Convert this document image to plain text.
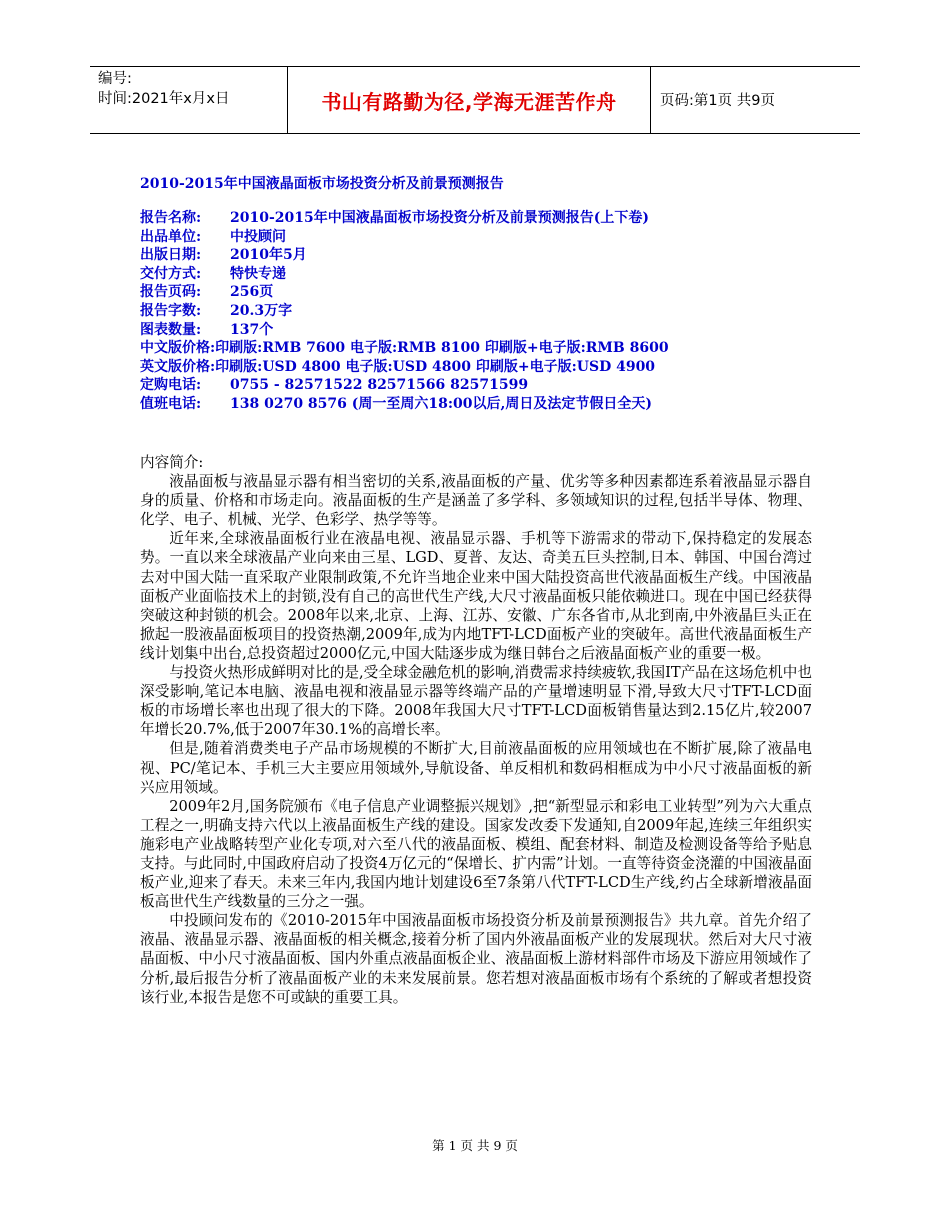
编号:
时间:2021年x月x日	书山有路勤为径,学海无涯苦作舟	页码:第1页 共9页
2010-2015年中国液晶面板市场投资分析及前景预测报告
报告名称:	2010-2015年中国液晶面板市场投资分析及前景预测报告(上下卷)
出品单位:	中投顾问
出版日期:	2010年5月
交付方式:	特快专递
报告页码:	256页
报告字数:	20.3万字
图表数量:	137个
中文版价格: 印刷版:RMB 7600 电子版:RMB 8100 印刷版+电子版:RMB 8600
英文版价格: 印刷版:USD 4800 电子版:USD 4800 印刷版+电子版:USD 4900
定购电话:	0755 - 82571522 82571566 82571599
值班电话:	138 0270 8576 (周一至周六18:00以后,周日及法定节假日全天)

内容简介:

液晶面板与液晶显示器有相当密切的关系,液晶面板的产量、优劣等多种因素都连系着液晶显示器自身的质量、价格和市场走向。液晶面板的生产是涵盖了多学科、多领域知识的过程,包括半导体、物理、化学、电子、机械、光学、色彩学、热学等等。

近年来,全球液晶面板行业在液晶电视、液晶显示器、手机等下游需求的带动下,保持稳定的发展态势。一直以来全球液晶产业向来由三星、LGD、夏普、友达、奇美五巨头控制,日本、韩国、中国台湾过去对中国大陆一直采取产业限制政策,不允许当地企业来中国大陆投资高世代液晶面板生产线。中国液晶面板产业面临技术上的封锁,没有自己的高世代生产线,大尺寸液晶面板只能依赖进口。现在中国已经获得突破这种封锁的机会。2008年以来,北京、上海、江苏、安徽、广东各省市,从北到南,中外液晶巨头正在掀起一股液晶面板项目的投资热潮,2009年,成为内地TFT-LCD面板产业的突破年。高世代液晶面板生产线计划集中出台,总投资超过2000亿元,中国大陆逐步成为继日韩台之后液晶面板产业的重要一极。

与投资火热形成鲜明对比的是,受全球金融危机的影响,消费需求持续疲软,我国IT产品在这场危机中也深受影响,笔记本电脑、液晶电视和液晶显示器等终端产品的产量增速明显下滑,导致大尺寸TFT-LCD面板的市场增长率也出现了很大的下降。2008年我国大尺寸TFT-LCD面板销售量达到2.15亿片,较2007年增长20.7%,低于2007年30.1%的高增长率。

但是,随着消费类电子产品市场规模的不断扩大,目前液晶面板的应用领域也在不断扩展,除了液晶电视、PC/笔记本、手机三大主要应用领域外,导航设备、单反相机和数码相框成为中小尺寸液晶面板的新兴应用领域。

2009年2月,国务院颁布《电子信息产业调整振兴规划》,把“新型显示和彩电工业转型”列为六大重点工程之一,明确支持六代以上液晶面板生产线的建设。国家发改委下发通知,自2009年起,连续三年组织实施彩电产业战略转型产业化专项,对六至八代的液晶面板、模组、配套材料、制造及检测设备等给予贴息支持。与此同时,中国政府启动了投资4万亿元的“保增长、扩内需”计划。一直等待资金浇灌的中国液晶面板产业,迎来了春天。未来三年内,我国内地计划建设6至7条第八代TFT-LCD生产线,约占全球新增液晶面板高世代生产线数量的三分之一强。

中投顾问发布的《2010-2015年中国液晶面板市场投资分析及前景预测报告》共九章。首先介绍了液晶、液晶显示器、液晶面板的相关概念,接着分析了国内外液晶面板产业的发展现状。然后对大尺寸液晶面板、中小尺寸液晶面板、国内外重点液晶面板企业、液晶面板上游材料部件市场及下游应用领域作了分析,最后报告分析了液晶面板产业的未来发展前景。您若想对液晶面板市场有个系统的了解或者想投资该行业,本报告是您不可或缺的重要工具。

第 1 页 共 9 页
